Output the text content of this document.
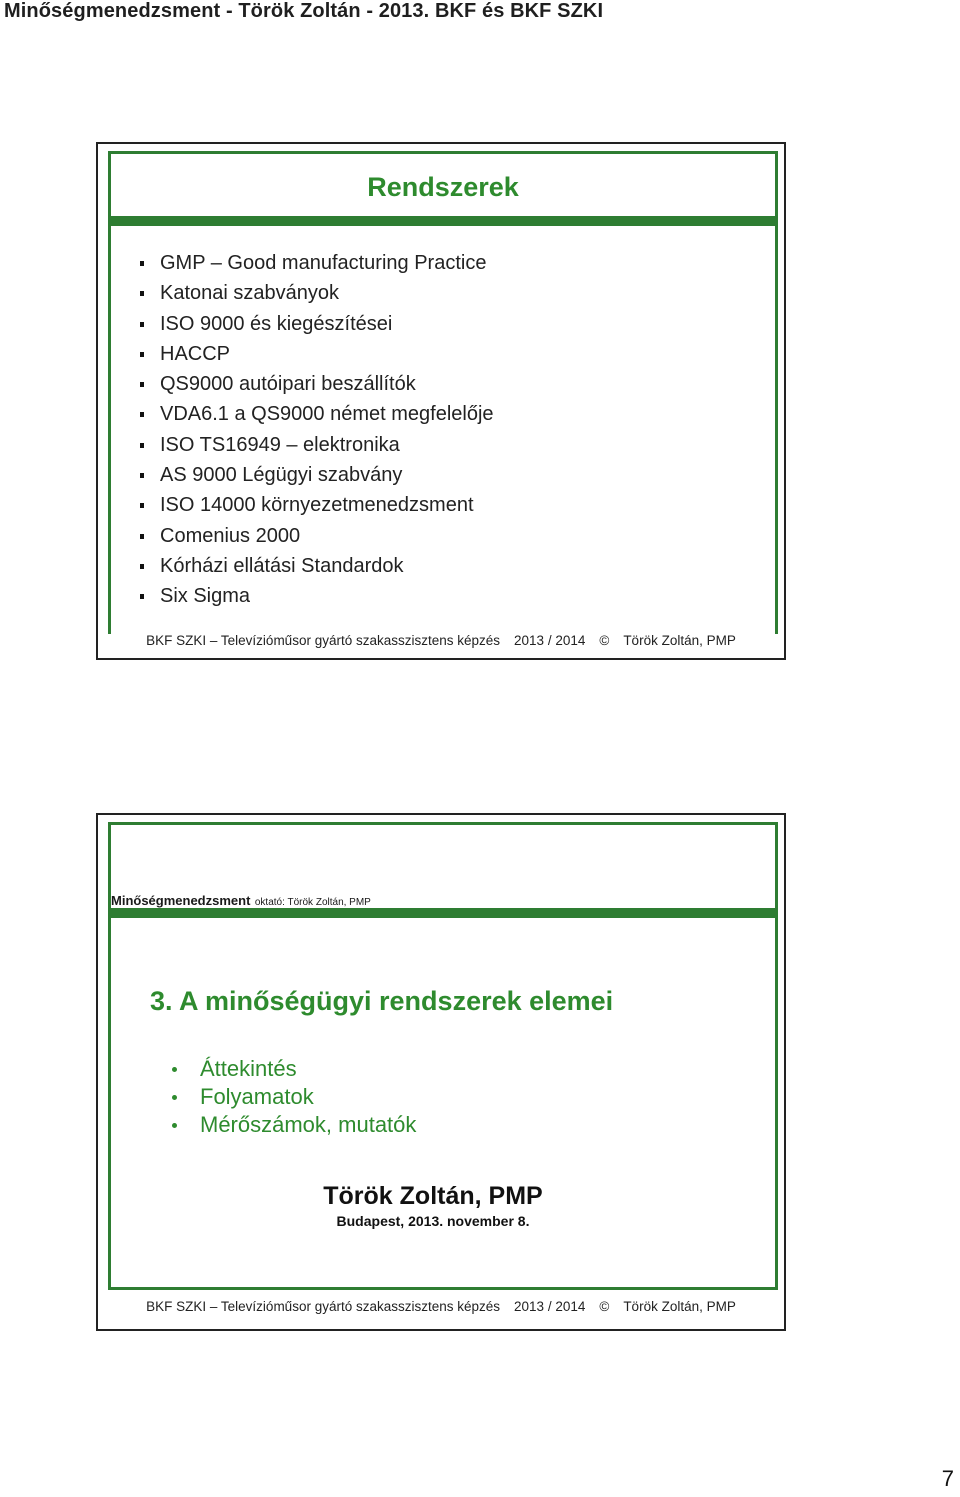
Minőségmenedzsment - Török Zoltán - 2013. BKF és BKF SZKI
Rendszerek
GMP – Good manufacturing Practice
Katonai szabványok
ISO 9000 és kiegészítései
HACCP
QS9000 autóipari beszállítók
VDA6.1 a QS9000 német megfelelője
ISO TS16949 – elektronika
AS 9000 Légügyi szabvány
ISO 14000 környezetmenedzsment
Comenius 2000
Kórházi ellátási Standardok
Six Sigma
BKF SZKI – Televízióműsor gyártó szakasszisztens képzés 2013 / 2014 © Török Zoltán, PMP
Minőségmenedzsment oktató: Török Zoltán, PMP
3. A minőségügyi rendszerek elemei
Áttekintés
Folyamatok
Mérőszámok, mutatók
Török Zoltán, PMP
Budapest, 2013. november 8.
BKF SZKI – Televízióműsor gyártó szakasszisztens képzés 2013 / 2014 © Török Zoltán, PMP
7
